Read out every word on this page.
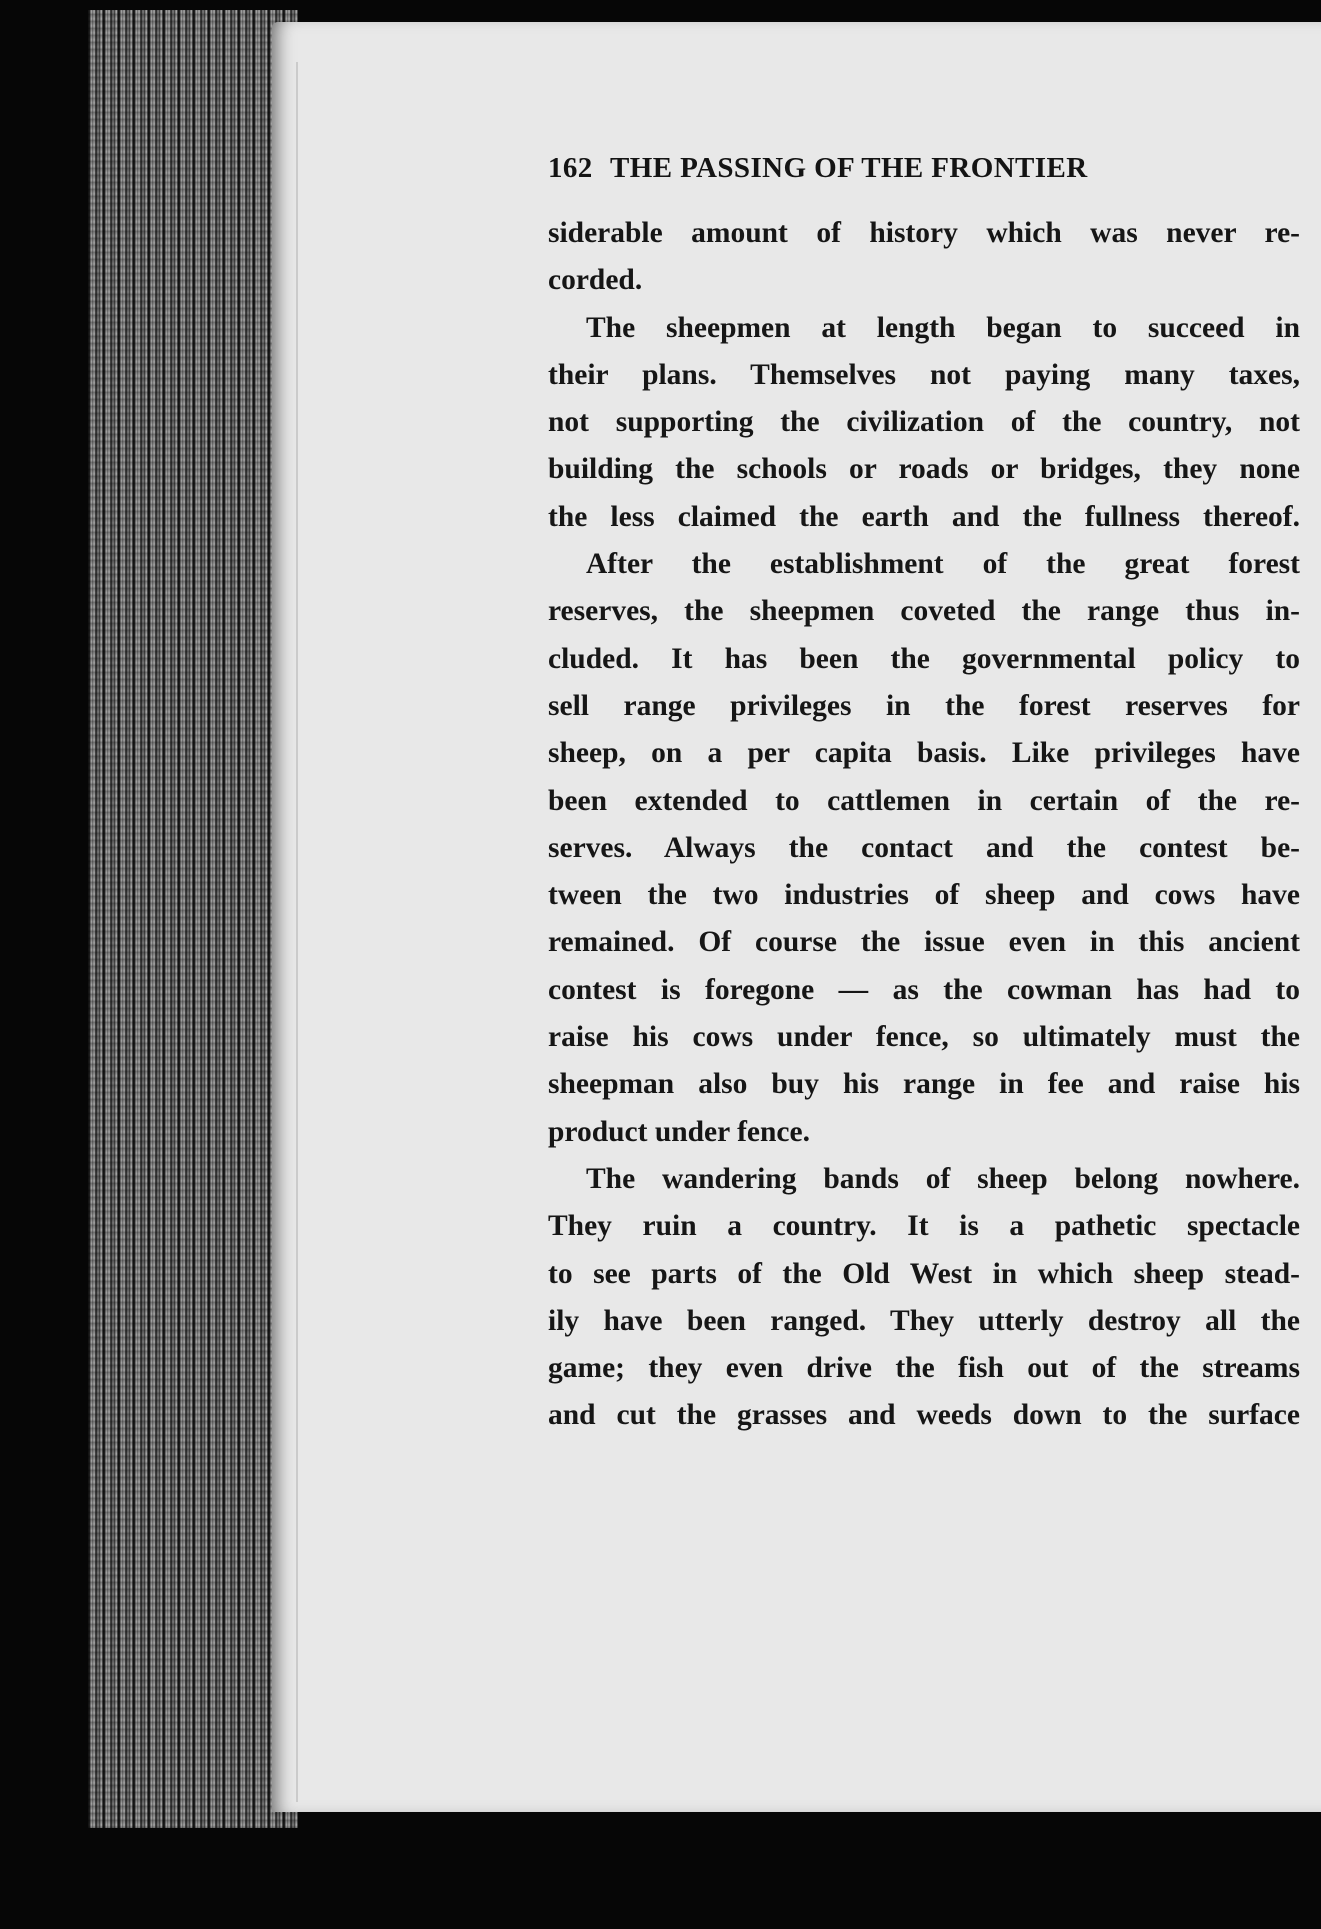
162 THE PASSING OF THE FRONTIER
siderable amount of history which was never re-
corded.
The sheepmen at length began to succeed in
their plans. Themselves not paying many taxes,
not supporting the civilization of the country, not
building the schools or roads or bridges, they none
the less claimed the earth and the fullness thereof.
After the establishment of the great forest
reserves, the sheepmen coveted the range thus in-
cluded. It has been the governmental policy to
sell range privileges in the forest reserves for
sheep, on a per capita basis. Like privileges have
been extended to cattlemen in certain of the re-
serves. Always the contact and the contest be-
tween the two industries of sheep and cows have
remained. Of course the issue even in this ancient
contest is foregone — as the cowman has had to
raise his cows under fence, so ultimately must the
sheepman also buy his range in fee and raise his
product under fence.
The wandering bands of sheep belong nowhere.
They ruin a country. It is a pathetic spectacle
to see parts of the Old West in which sheep stead-
ily have been ranged. They utterly destroy all the
game; they even drive the fish out of the streams
and cut the grasses and weeds down to the surface
